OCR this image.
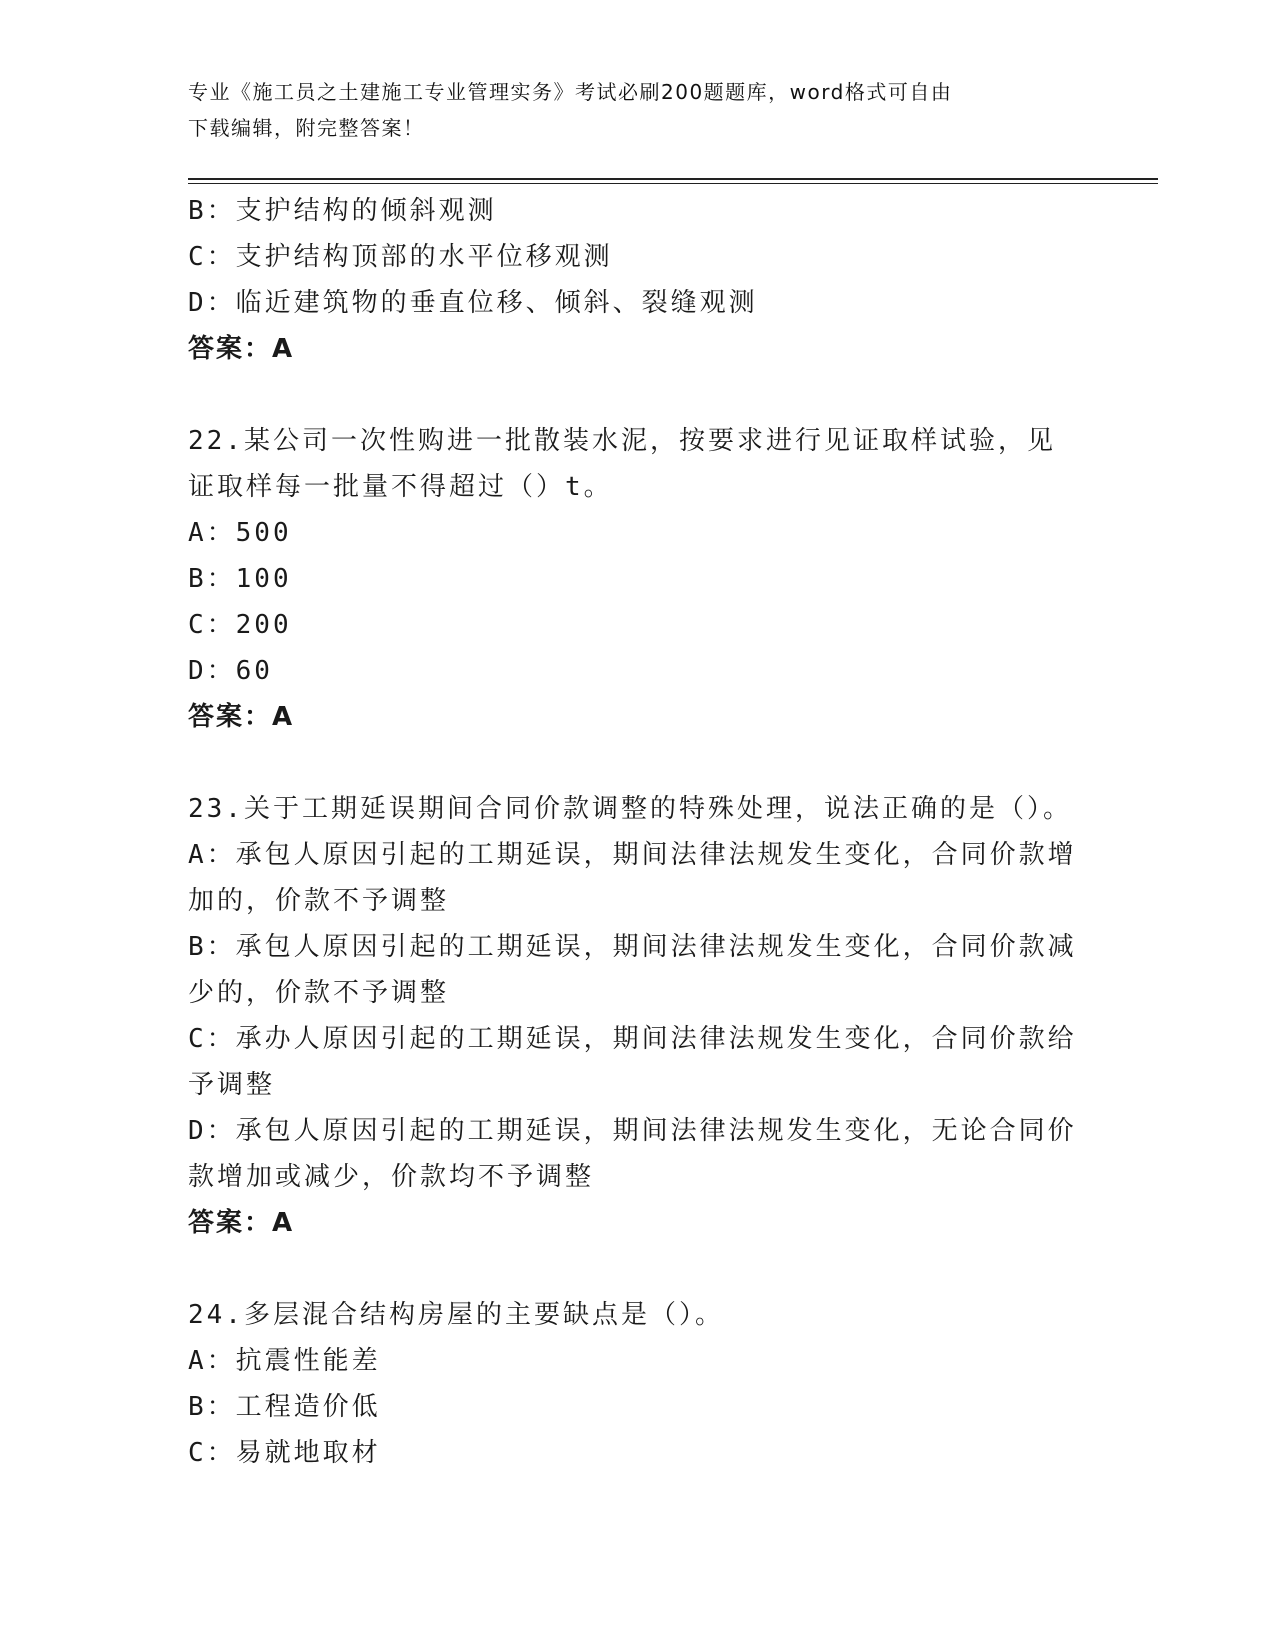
专业《施工员之土建施工专业管理实务》考试必刷200题题库，word格式可自由
下载编辑，附完整答案！
B：支护结构的倾斜观测
C：支护结构顶部的水平位移观测
D：临近建筑物的垂直位移、倾斜、裂缝观测
答案：A
22.某公司一次性购进一批散装水泥，按要求进行见证取样试验，见证取样每一批量不得超过（）t。
A：500
B：100
C：200
D：60
答案：A
23.关于工期延误期间合同价款调整的特殊处理，说法正确的是（）。
A：承包人原因引起的工期延误，期间法律法规发生变化，合同价款增加的，价款不予调整
B：承包人原因引起的工期延误，期间法律法规发生变化，合同价款减少的，价款不予调整
C：承办人原因引起的工期延误，期间法律法规发生变化，合同价款给予调整
D：承包人原因引起的工期延误，期间法律法规发生变化，无论合同价款增加或减少，价款均不予调整
答案：A
24.多层混合结构房屋的主要缺点是（）。
A：抗震性能差
B：工程造价低
C：易就地取材
